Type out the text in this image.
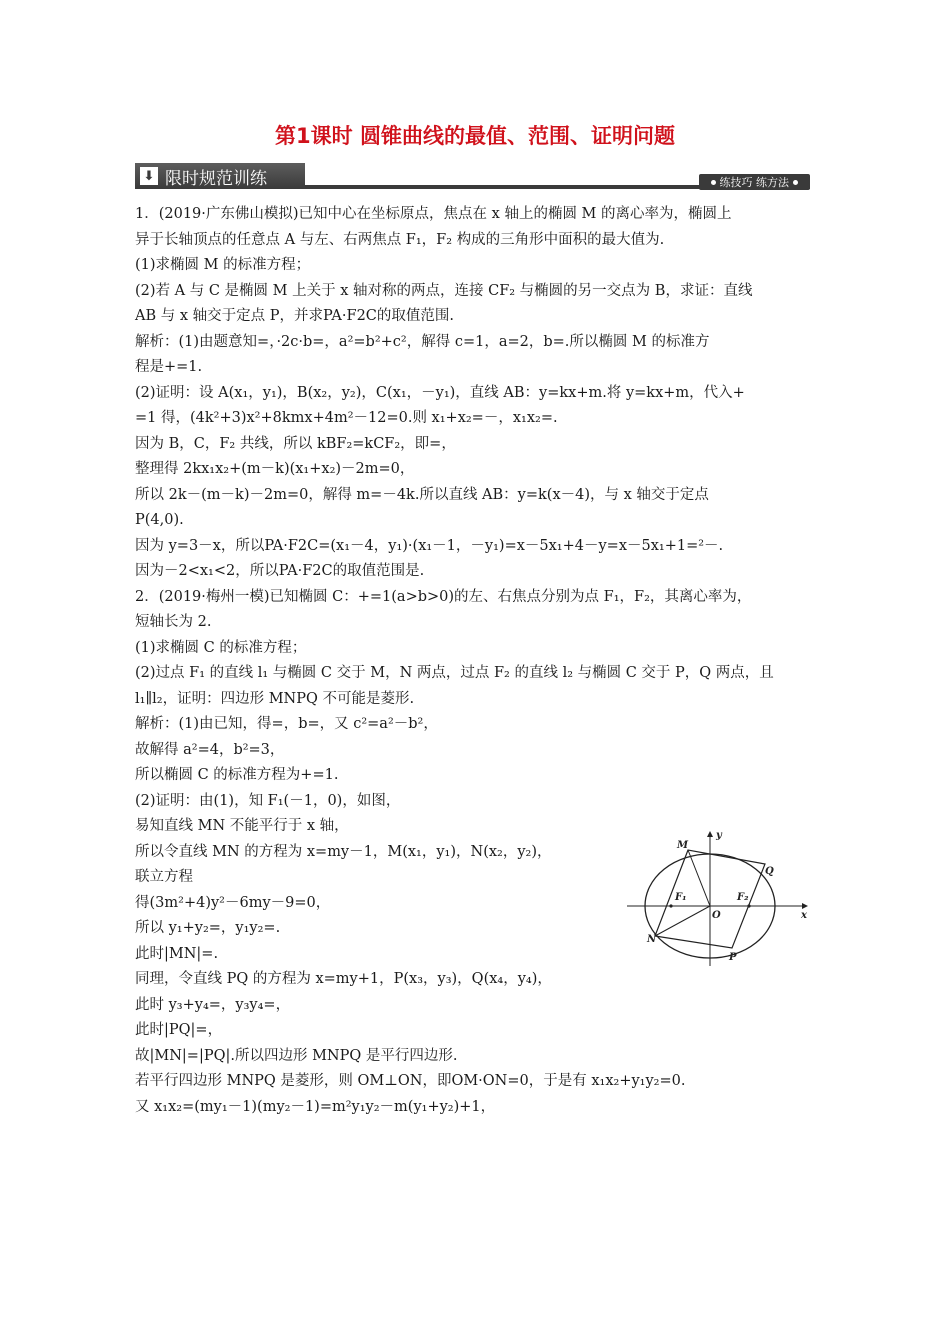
第1课时 圆锥曲线的最值、范围、证明问题
⬇ 限时规范训练	练技巧 练方法
1．(2019·广东佛山模拟)已知中心在坐标原点，焦点在 x 轴上的椭圆 M 的离心率为，椭圆上
异于长轴顶点的任意点 A 与左、右两焦点 F₁，F₂ 构成的三角形中面积的最大值为.
(1)求椭圆 M 的标准方程；
(2)若 A 与 C 是椭圆 M 上关于 x 轴对称的两点，连接 CF₂ 与椭圆的另一交点为 B，求证：直线
AB 与 x 轴交于定点 P，并求PA·F2C的取值范围.
解析：(1)由题意知=，·2c·b=，a²=b²+c²，解得 c=1，a=2，b=.所以椭圆 M 的标准方
程是+=1.
(2)证明：设 A(x₁，y₁)，B(x₂，y₂)，C(x₁，－y₁)，直线 AB：y=kx+m.将 y=kx+m，代入+
=1 得，(4k²+3)x²+8kmx+4m²－12=0.则 x₁+x₂=－，x₁x₂=.
因为 B，C，F₂ 共线，所以 kBF₂=kCF₂，即=，
整理得 2kx₁x₂+(m－k)(x₁+x₂)－2m=0，
所以 2k－(m－k)－2m=0，解得 m=－4k.所以直线 AB：y=k(x－4)，与 x 轴交于定点
P(4,0).
因为 y=3－x，所以PA·F2C=(x₁－4，y₁)·(x₁－1，－y₁)=x－5x₁+4－y=x－5x₁+1=²－.
因为－2<x₁<2，所以PA·F2C的取值范围是.
2．(2019·梅州一模)已知椭圆 C：+=1(a>b>0)的左、右焦点分别为点 F₁，F₂，其离心率为，
短轴长为 2.
(1)求椭圆 C 的标准方程；
(2)过点 F₁ 的直线 l₁ 与椭圆 C 交于 M，N 两点，过点 F₂ 的直线 l₂ 与椭圆 C 交于 P，Q 两点，且
l₁∥l₂，证明：四边形 MNPQ 不可能是菱形.
解析：(1)由已知，得=，b=，又 c²=a²－b²，
故解得 a²=4，b²=3，
所以椭圆 C 的标准方程为+=1.
(2)证明：由(1)，知 F₁(－1，0)，如图，
易知直线 MN 不能平行于 x 轴，
所以令直线 MN 的方程为 x=my－1，M(x₁，y₁)，N(x₂，y₂)，
联立方程
得(3m²+4)y²－6my－9=0，
所以 y₁+y₂=，y₁y₂=.
此时|MN|=.
同理，令直线 PQ 的方程为 x=my+1，P(x₃，y₃)，Q(x₄，y₄)，
此时 y₃+y₄=，y₃y₄=，
此时|PQ|=，
故|MN|=|PQ|.所以四边形 MNPQ 是平行四边形.
若平行四边形 MNPQ 是菱形，则 OM⊥ON，即OM·ON=0，于是有 x₁x₂+y₁y₂=0.
又 x₁x₂=(my₁－1)(my₂－1)=m²y₁y₂－m(y₁+y₂)+1，
M
N
P
Q
O
F₁	F₂
x
y
